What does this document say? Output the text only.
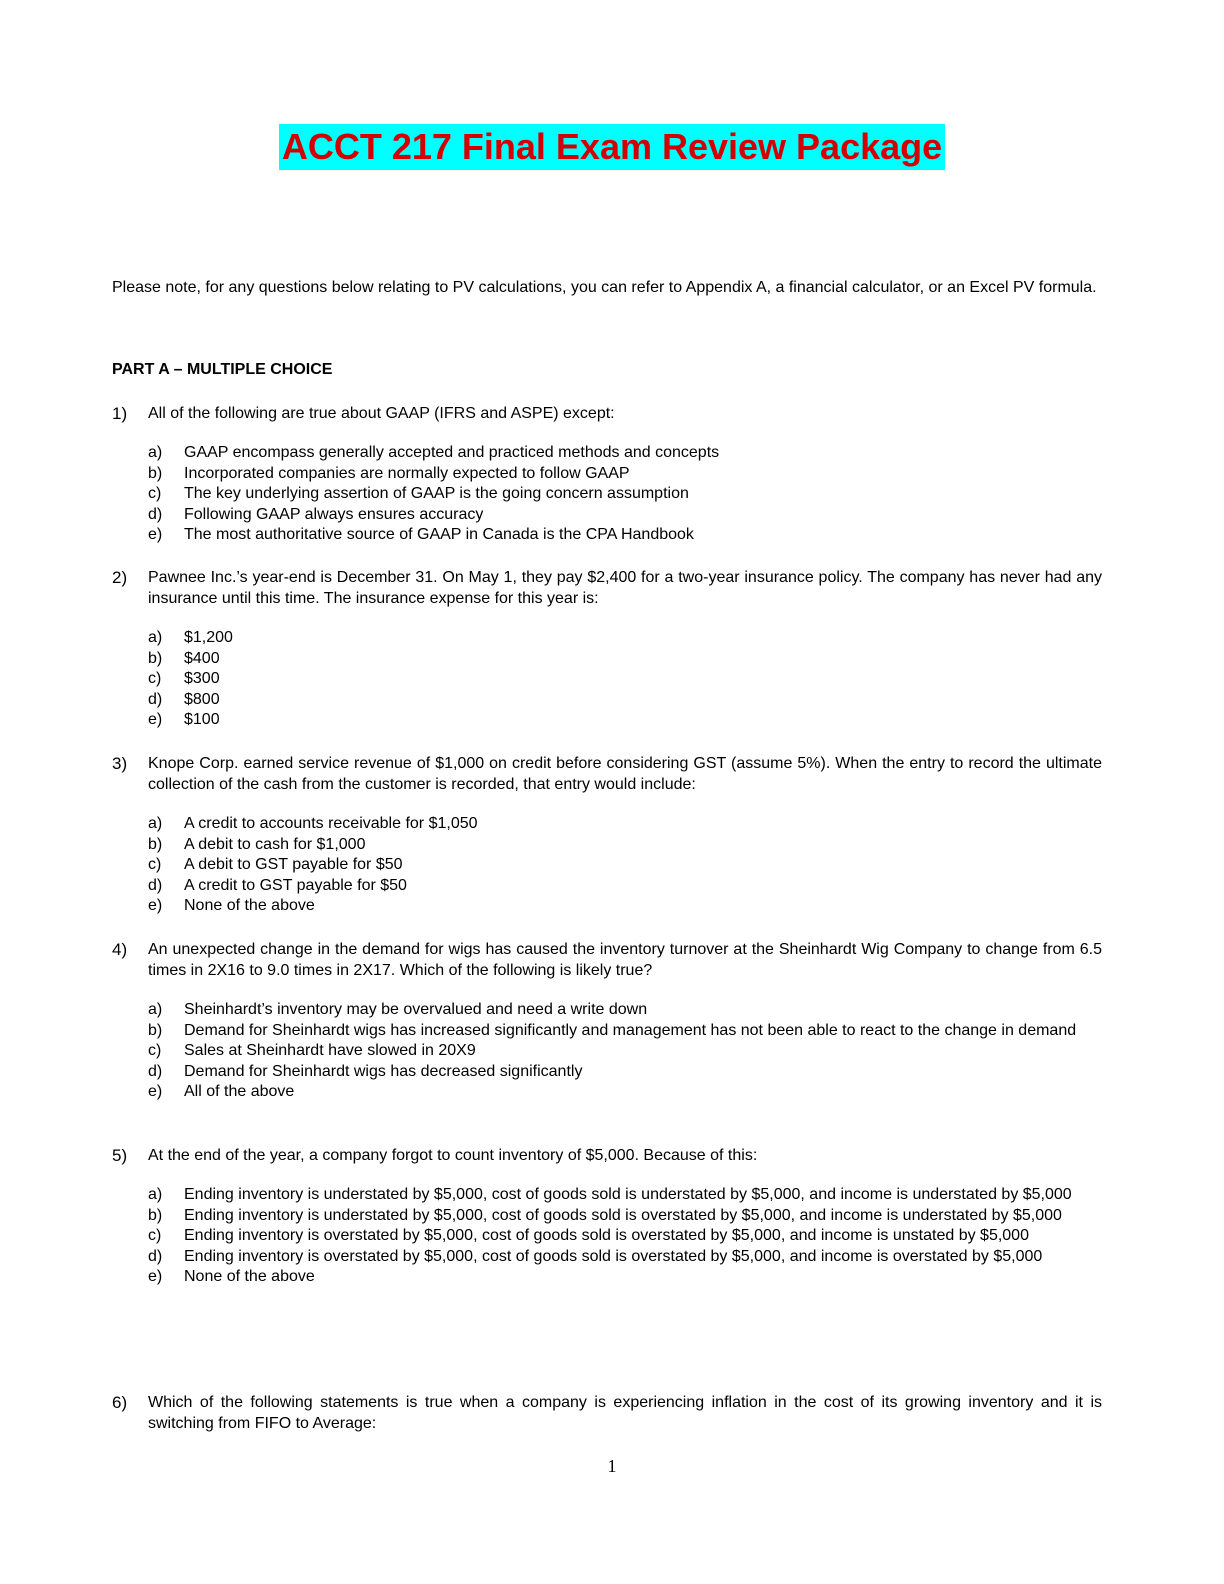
ACCT 217 Final Exam Review Package

Please note, for any questions below relating to PV calculations, you can refer to Appendix A, a financial calculator, or an Excel PV formula.

PART A – MULTIPLE CHOICE

1)	All of the following are true about GAAP (IFRS and ASPE) except:
a)	GAAP encompass generally accepted and practiced methods and concepts
b)	Incorporated companies are normally expected to follow GAAP
c)	The key underlying assertion of GAAP is the going concern assumption
d)	Following GAAP always ensures accuracy
e)	The most authoritative source of GAAP in Canada is the CPA Handbook
2)	Pawnee Inc.’s year-end is December 31. On May 1, they pay $2,400 for a two-year insurance policy. The company has never had any insurance until this time. The insurance expense for this year is:
a)	$1,200
b)	$400
c)	$300
d)	$800
e)	$100
3)	Knope Corp. earned service revenue of $1,000 on credit before considering GST (assume 5%). When the entry to record the ultimate collection of the cash from the customer is recorded, that entry would include:
a)	A credit to accounts receivable for $1,050
b)	A debit to cash for $1,000
c)	A debit to GST payable for $50
d)	A credit to GST payable for $50
e)	None of the above
4)	An unexpected change in the demand for wigs has caused the inventory turnover at the Sheinhardt Wig Company to change from 6.5 times in 2X16 to 9.0 times in 2X17. Which of the following is likely true?
a)	Sheinhardt’s inventory may be overvalued and need a write down
b)	Demand for Sheinhardt wigs has increased significantly and management has not been able to react to the change in demand
c)	Sales at Sheinhardt have slowed in 20X9
d)	Demand for Sheinhardt wigs has decreased significantly
e)	All of the above
5)	At the end of the year, a company forgot to count inventory of $5,000. Because of this:
a)	Ending inventory is understated by $5,000, cost of goods sold is understated by $5,000, and income is understated by $5,000
b)	Ending inventory is understated by $5,000, cost of goods sold is overstated by $5,000, and income is understated by $5,000
c)	Ending inventory is overstated by $5,000, cost of goods sold is overstated by $5,000, and income is unstated by $5,000
d)	Ending inventory is overstated by $5,000, cost of goods sold is overstated by $5,000, and income is overstated by $5,000
e)	None of the above
6)	Which of the following statements is true when a company is experiencing inflation in the cost of its growing inventory and it is switching from FIFO to Average:
1
